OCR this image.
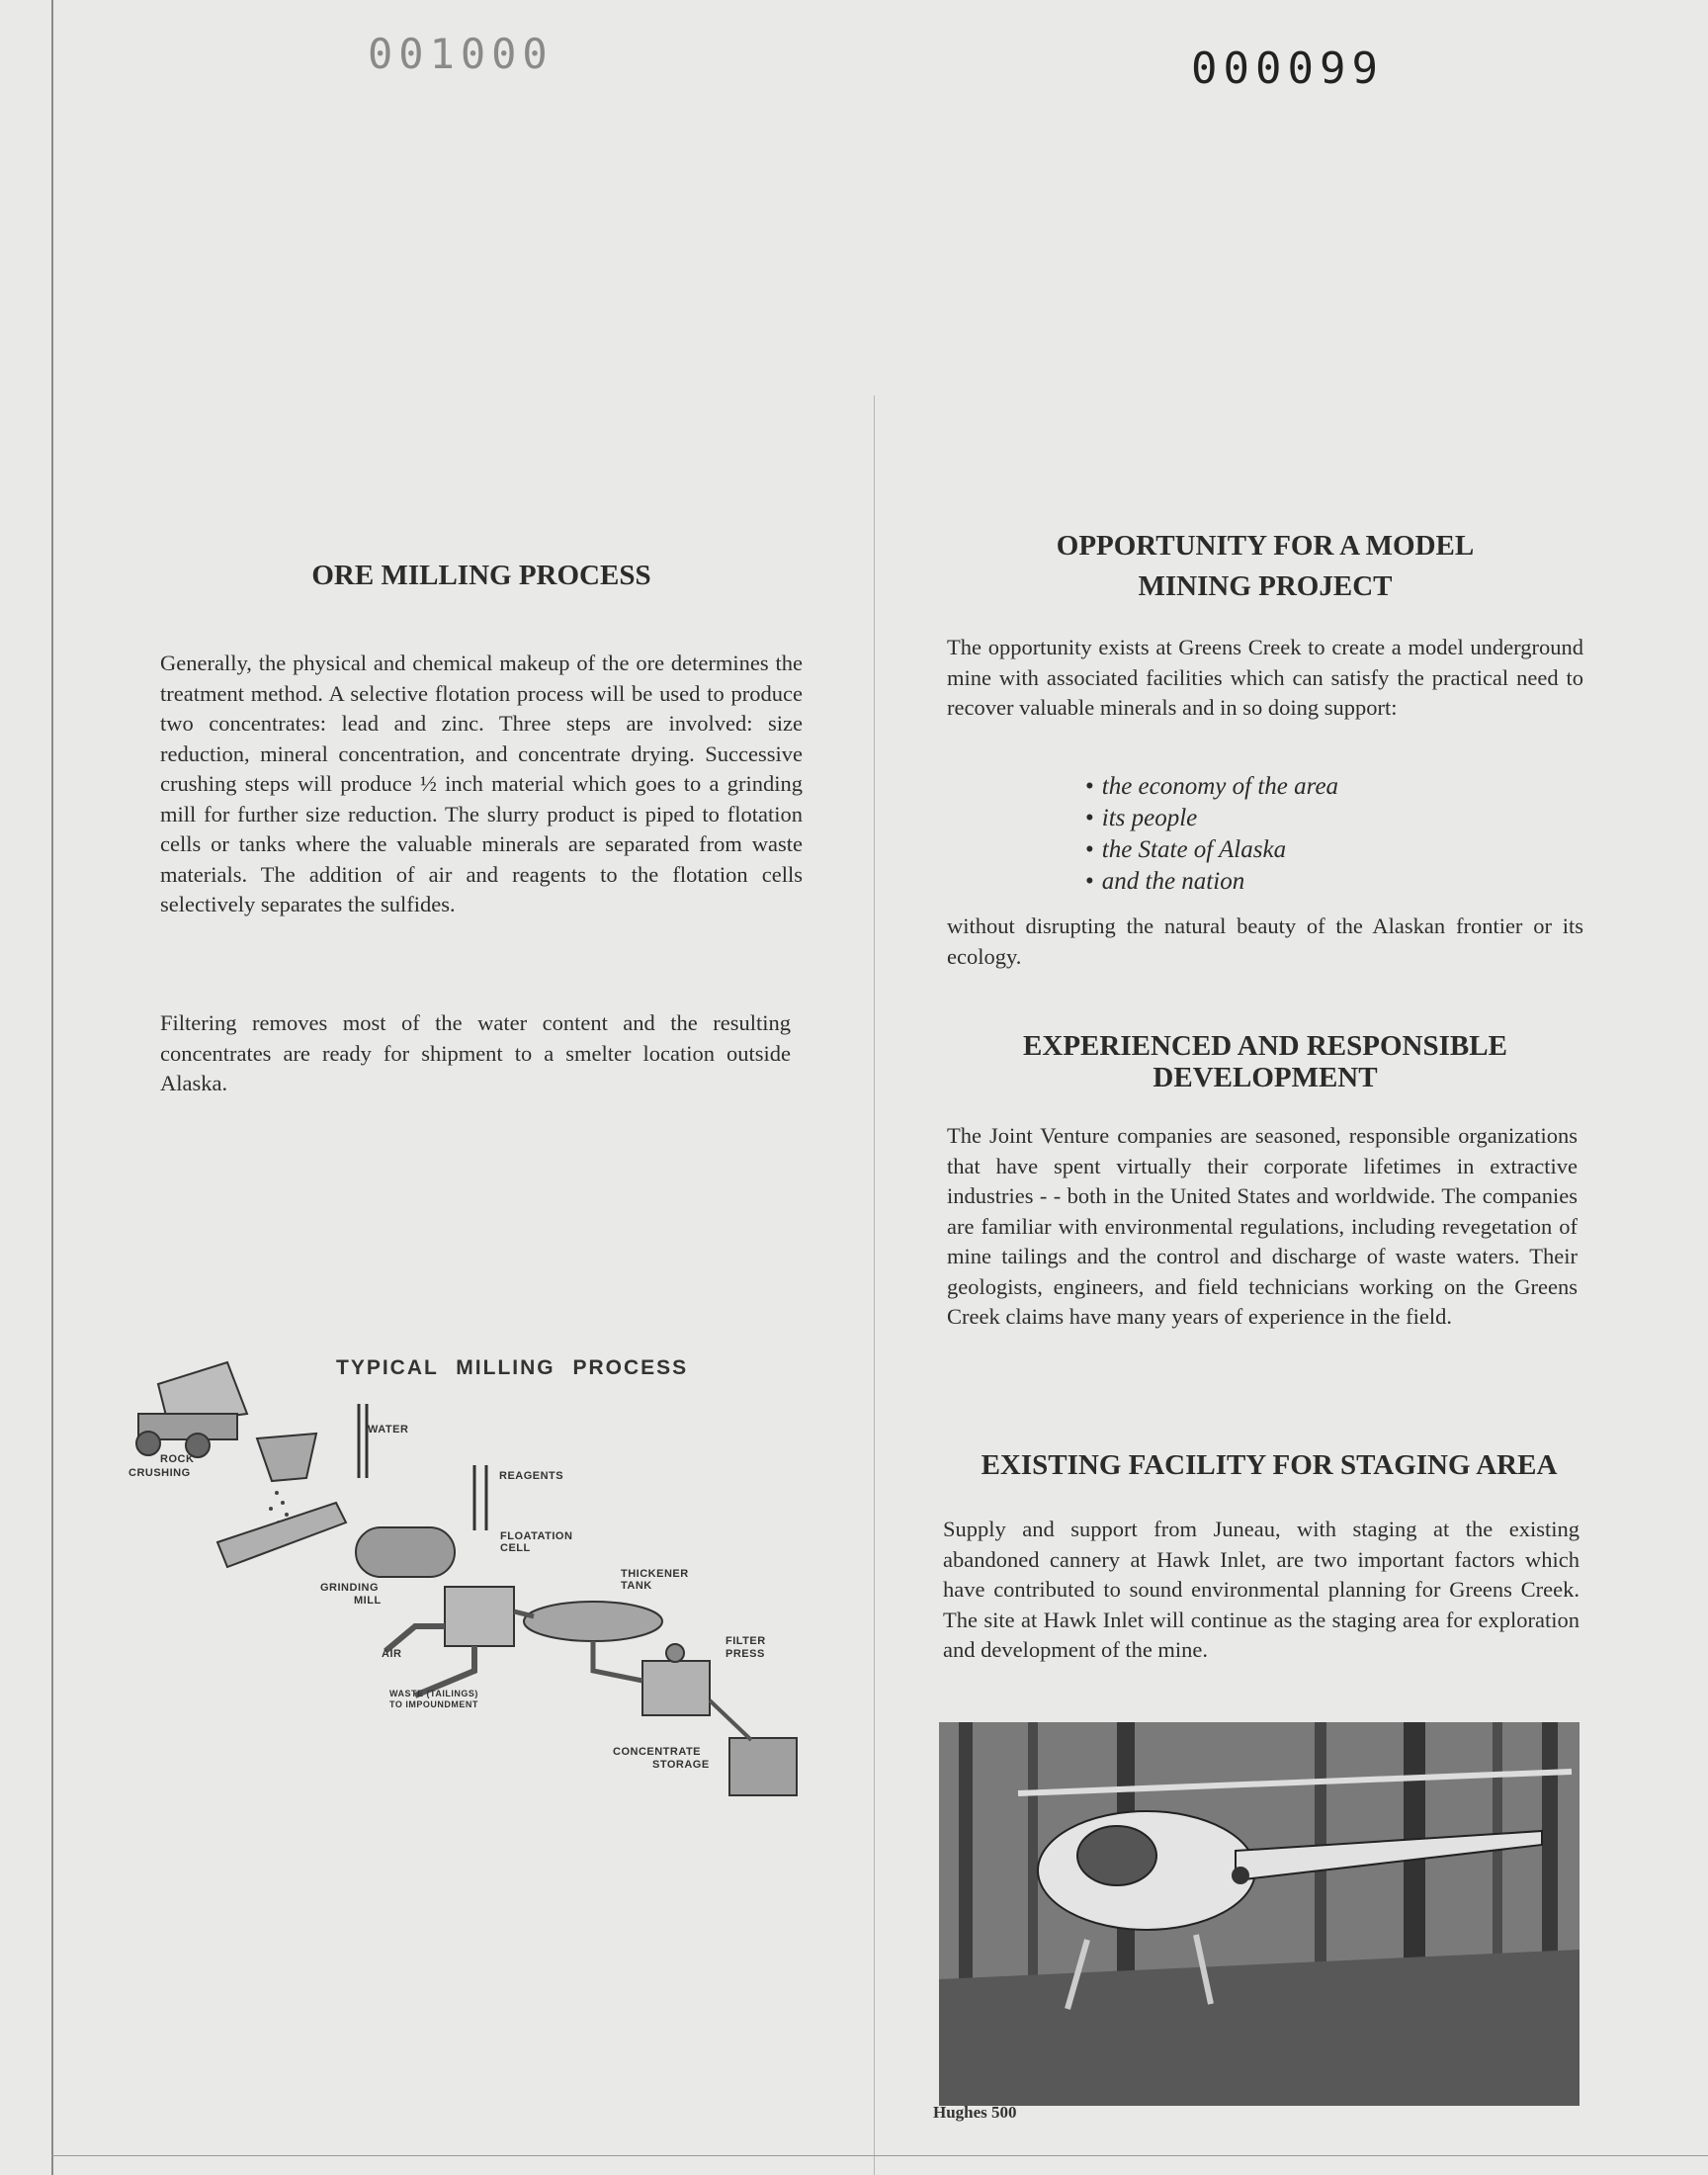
001000	000099
ORE MILLING PROCESS

Generally, the physical and chemical makeup of the ore determines the treatment method. A selective flotation process will be used to produce two concentrates: lead and zinc. Three steps are involved: size reduction, mineral concentration, and concentrate drying. Successive crushing steps will produce ½ inch material which goes to a grinding mill for further size reduction. The slurry product is piped to flotation cells or tanks where the valuable minerals are separated from waste materials. The addition of air and reagents to the flotation cells selectively separates the sulfides.

Filtering removes most of the water content and the resulting concentrates are ready for shipment to a smelter location outside Alaska.

TYPICAL MILLING PROCESS
WATER
ROCK
CRUSHING	REAGENTS
FLOATATION
CELL
THICKENER
TANK
GRINDING
MILL
FILTER
PRESS
AIR
WASTE (TAILINGS)
TO IMPOUNDMENT
CONCENTRATE
STORAGE
OPPORTUNITY FOR A MODEL
MINING PROJECT

The opportunity exists at Greens Creek to create a model underground mine with associated facilities which can satisfy the practical need to recover valuable minerals and in so doing support:

• the economy of the area
• its people
• the State of Alaska
• and the nation

without disrupting the natural beauty of the Alaskan frontier or its ecology.

EXPERIENCED AND RESPONSIBLE
DEVELOPMENT

The Joint Venture companies are seasoned, responsible organizations that have spent virtually their corporate lifetimes in extractive industries - - both in the United States and worldwide. The companies are familiar with environmental regulations, including revegetation of mine tailings and the control and discharge of waste waters. Their geologists, engineers, and field technicians working on the Greens Creek claims have many years of experience in the field.

EXISTING FACILITY FOR STAGING AREA

Supply and support from Juneau, with staging at the existing abandoned cannery at Hawk Inlet, are two important factors which have contributed to sound environmental planning for Greens Creek. The site at Hawk Inlet will continue as the staging area for exploration and development of the mine.

Hughes 500
